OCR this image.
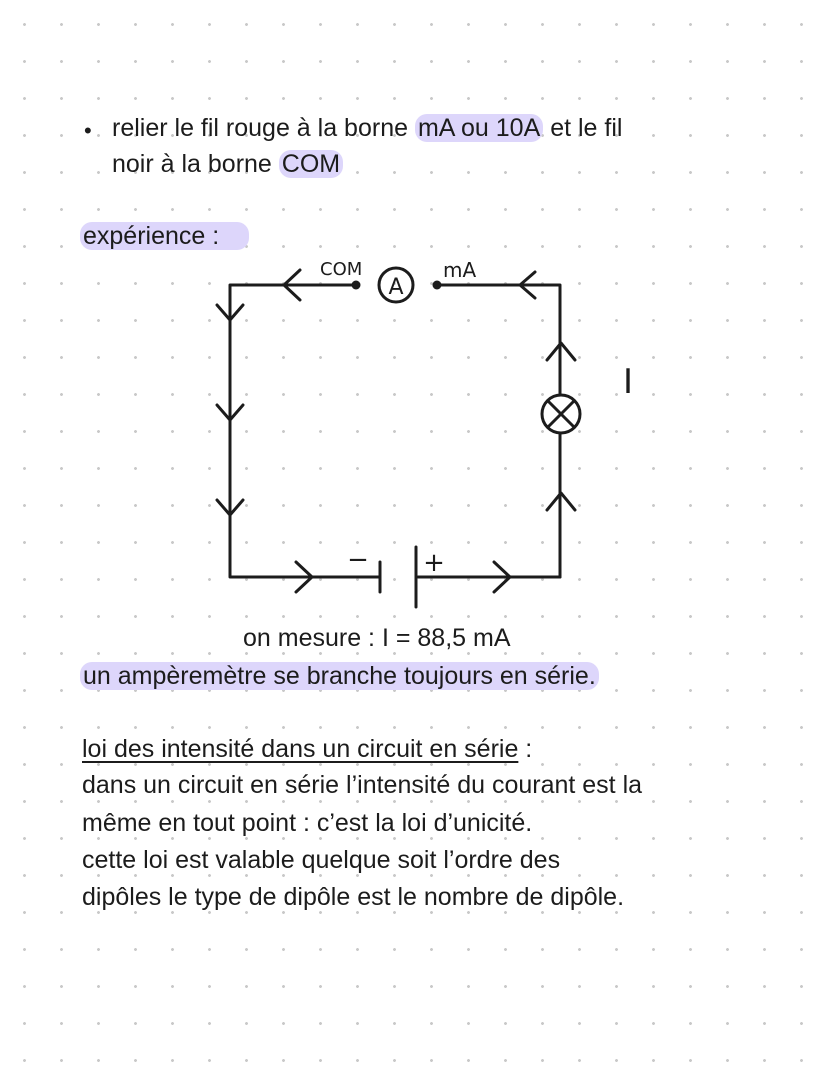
• relier le fil rouge à la borne mA ou 10A et le fil

noir à la borne COM

expérience :

A
COM	mA
I
− +

on mesure : I = 88,5 mA

un ampèremètre se branche toujours en série.

loi des intensité dans un circuit en série :

dans un circuit en série l’intensité du courant est la

même en tout point : c’est la loi d’unicité.

cette loi est valable quelque soit l’ordre des

dipôles le type de dipôle est le nombre de dipôle.
